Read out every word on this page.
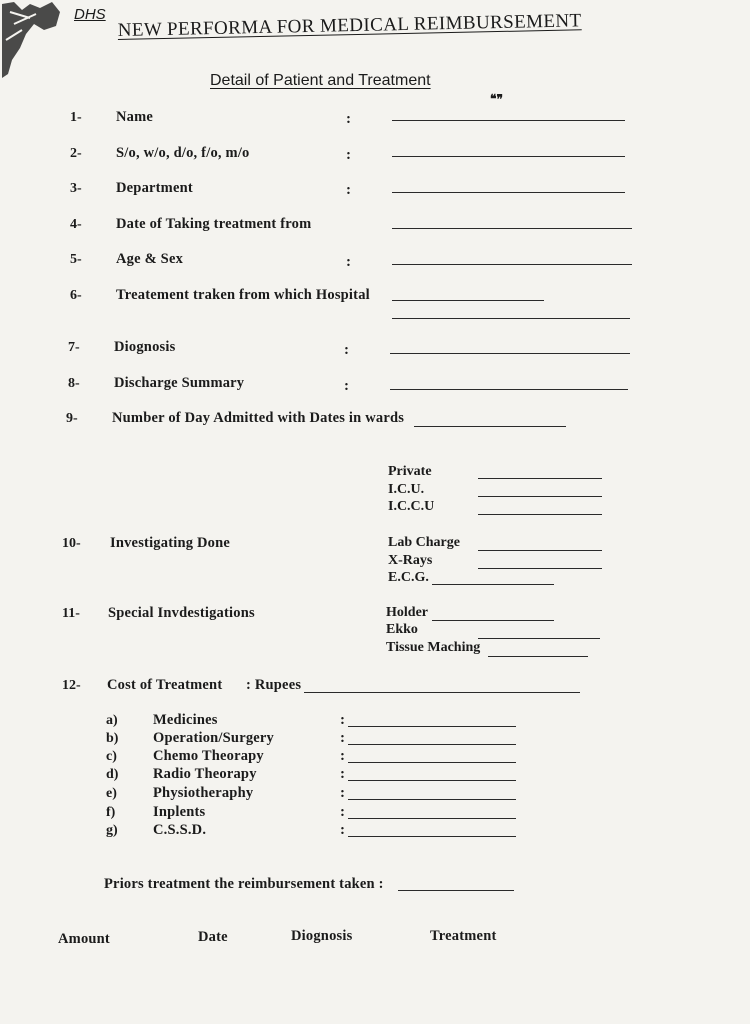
DHS NEW PERFORMA FOR MEDICAL REIMBURSEMENT
Detail of Patient and Treatment
❝❞
1- Name	:
2- S/o, w/o, d/o, f/o, m/o	:
3- Department	:
4- Date of Taking treatment from
5- Age & Sex	:
6- Treatement traken from which Hospital
7- Diognosis	:
8- Discharge Summary	:
9- Number of Day Admitted with Dates in wards
Private
I.C.U.
I.C.C.U
10- Investigating Done	Lab Charge
X-Rays
E.C.G.
11- Special Invdestigations	Holder
Ekko
Tissue Maching
12- Cost of Treatment : Rupees
a) Medicines	:
b) Operation/Surgery	:
c) Chemo Theorapy	:
d) Radio Theorapy	:
e) Physiotheraphy	:
f)	Inplents	:
g) C.S.S.D.	:
Priors treatment the reimbursement taken :
Amount	Date	Diognosis	Treatment
